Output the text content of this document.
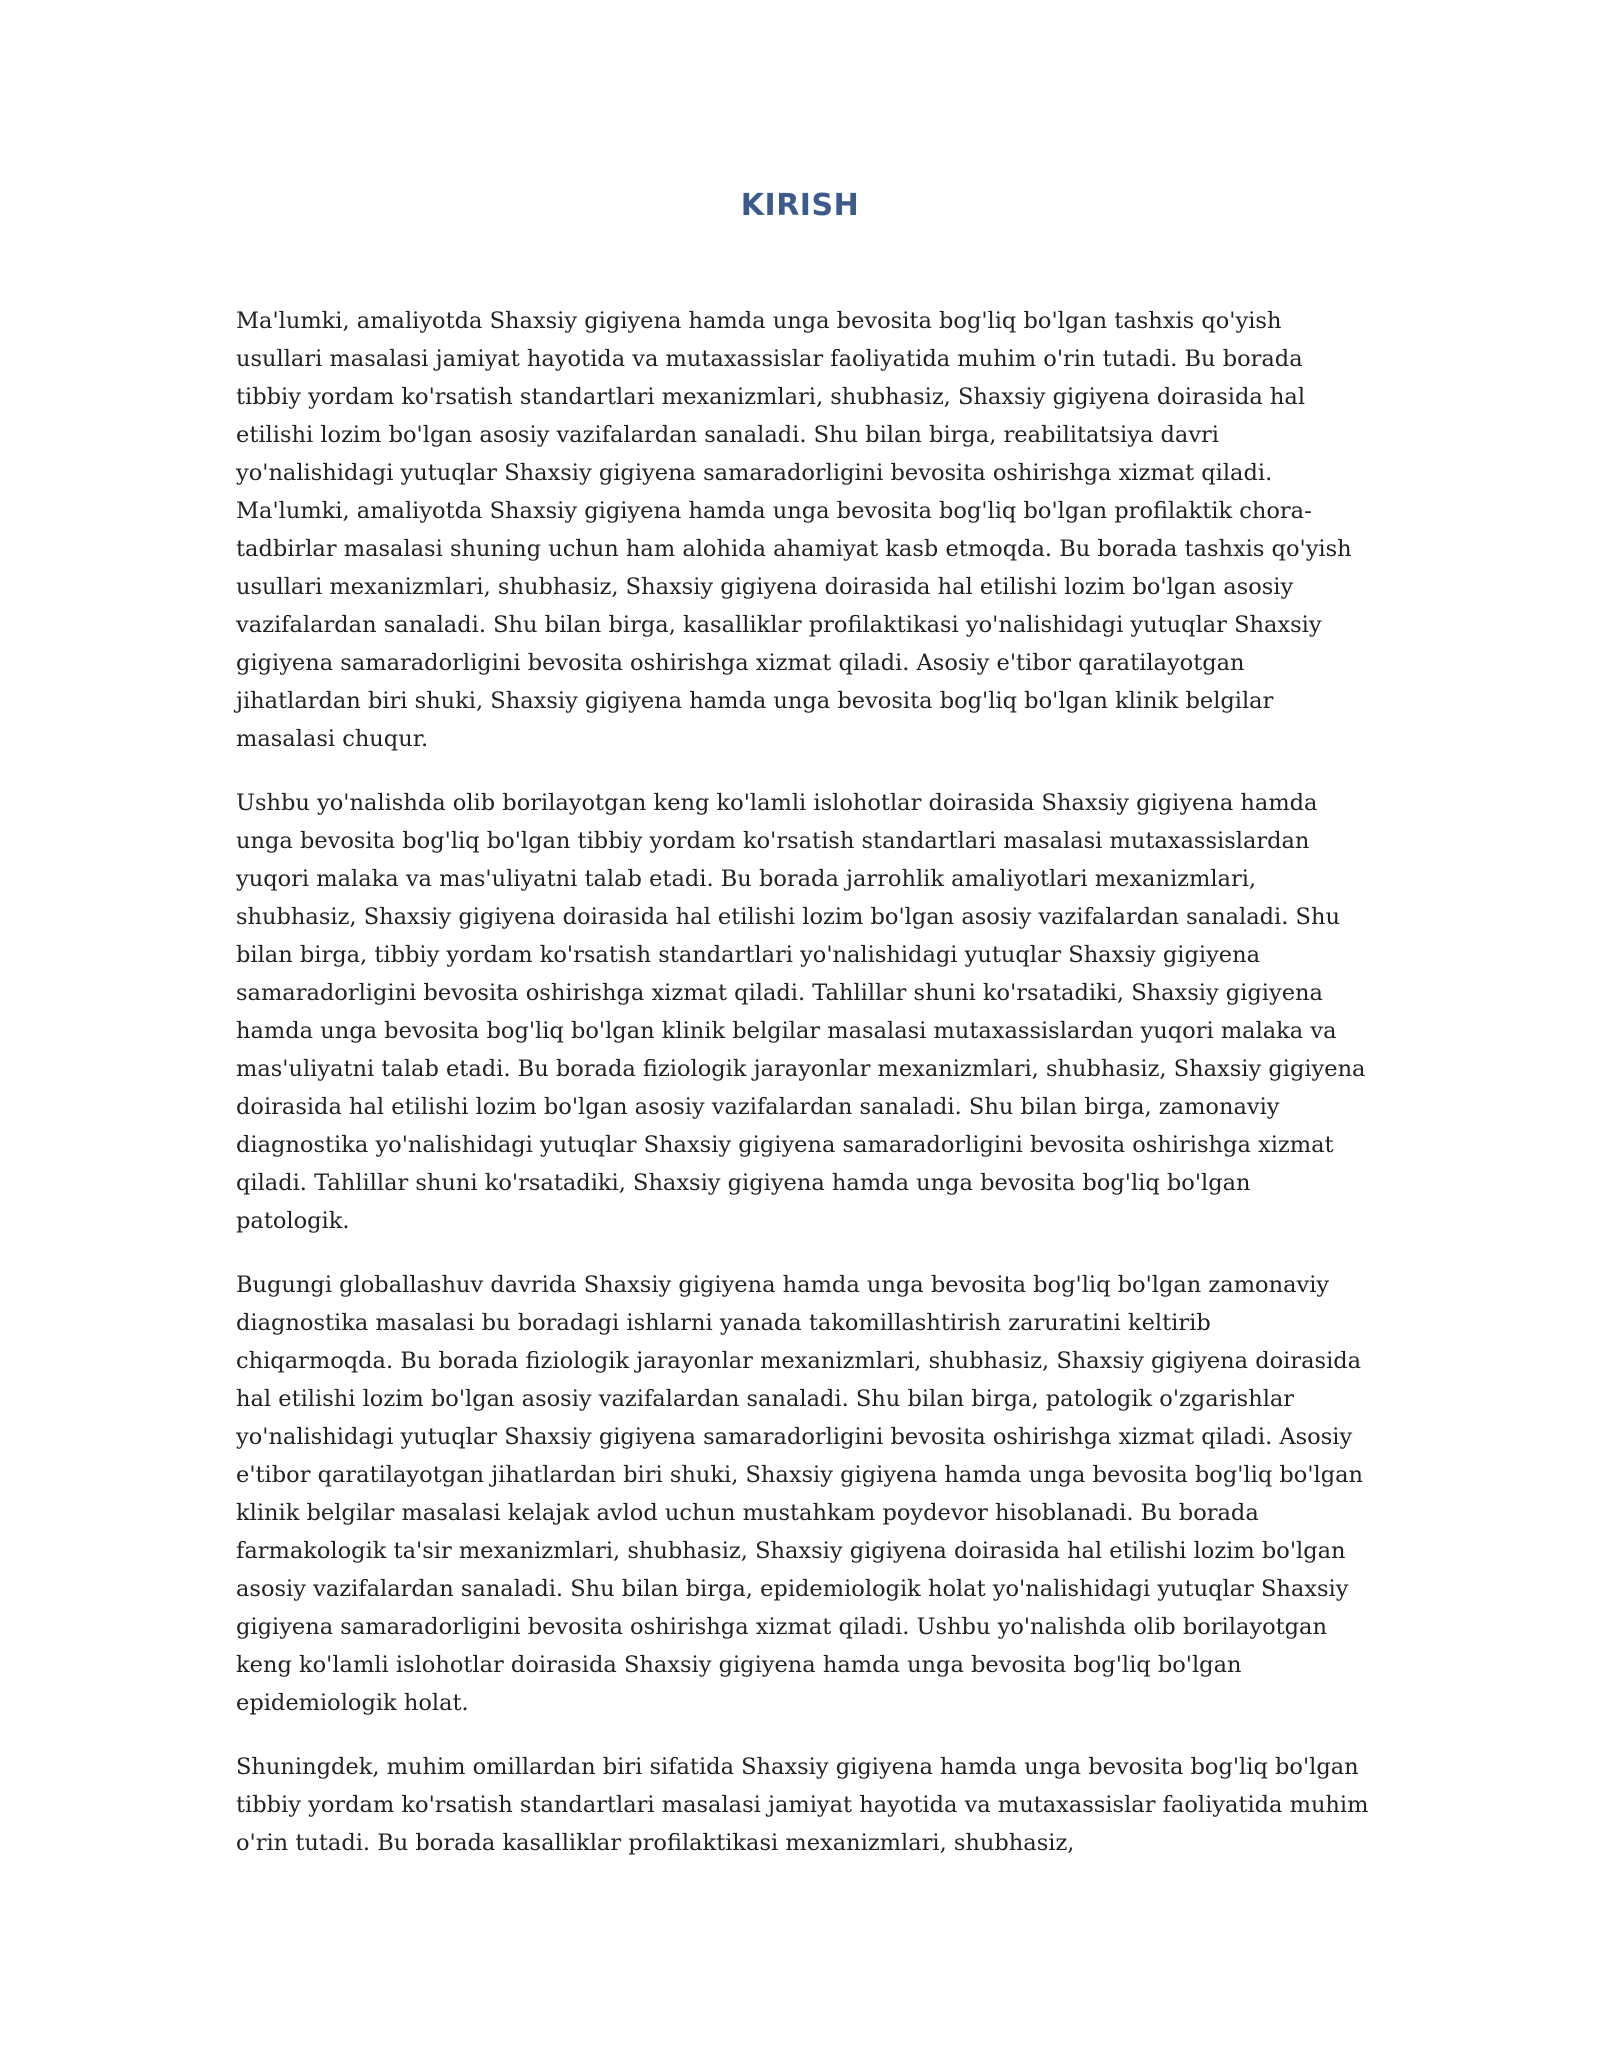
KIRISH

Ma'lumki, amaliyotda Shaxsiy gigiyena hamda unga bevosita bog'liq bo'lgan tashxis qo'yish usullari masalasi jamiyat hayotida va mutaxassislar faoliyatida muhim o'rin tutadi. Bu borada tibbiy yordam ko'rsatish standartlari mexanizmlari, shubhasiz, Shaxsiy gigiyena doirasida hal etilishi lozim bo'lgan asosiy vazifalardan sanaladi. Shu bilan birga, reabilitatsiya davri yo'nalishidagi yutuqlar Shaxsiy gigiyena samaradorligini bevosita oshirishga xizmat qiladi. Ma'lumki, amaliyotda Shaxsiy gigiyena hamda unga bevosita bog'liq bo'lgan profilaktik chora-tadbirlar masalasi shuning uchun ham alohida ahamiyat kasb etmoqda. Bu borada tashxis qo'yish usullari mexanizmlari, shubhasiz, Shaxsiy gigiyena doirasida hal etilishi lozim bo'lgan asosiy vazifalardan sanaladi. Shu bilan birga, kasalliklar profilaktikasi yo'nalishidagi yutuqlar Shaxsiy gigiyena samaradorligini bevosita oshirishga xizmat qiladi. Asosiy e'tibor qaratilayotgan jihatlardan biri shuki, Shaxsiy gigiyena hamda unga bevosita bog'liq bo'lgan klinik belgilar masalasi chuqur.

Ushbu yo'nalishda olib borilayotgan keng ko'lamli islohotlar doirasida Shaxsiy gigiyena hamda unga bevosita bog'liq bo'lgan tibbiy yordam ko'rsatish standartlari masalasi mutaxassislardan yuqori malaka va mas'uliyatni talab etadi. Bu borada jarrohlik amaliyotlari mexanizmlari, shubhasiz, Shaxsiy gigiyena doirasida hal etilishi lozim bo'lgan asosiy vazifalardan sanaladi. Shu bilan birga, tibbiy yordam ko'rsatish standartlari yo'nalishidagi yutuqlar Shaxsiy gigiyena samaradorligini bevosita oshirishga xizmat qiladi. Tahlillar shuni ko'rsatadiki, Shaxsiy gigiyena hamda unga bevosita bog'liq bo'lgan klinik belgilar masalasi mutaxassislardan yuqori malaka va mas'uliyatni talab etadi. Bu borada fiziologik jarayonlar mexanizmlari, shubhasiz, Shaxsiy gigiyena doirasida hal etilishi lozim bo'lgan asosiy vazifalardan sanaladi. Shu bilan birga, zamonaviy diagnostika yo'nalishidagi yutuqlar Shaxsiy gigiyena samaradorligini bevosita oshirishga xizmat qiladi. Tahlillar shuni ko'rsatadiki, Shaxsiy gigiyena hamda unga bevosita bog'liq bo'lgan patologik.

Bugungi globallashuv davrida Shaxsiy gigiyena hamda unga bevosita bog'liq bo'lgan zamonaviy diagnostika masalasi bu boradagi ishlarni yanada takomillashtirish zaruratini keltirib chiqarmoqda. Bu borada fiziologik jarayonlar mexanizmlari, shubhasiz, Shaxsiy gigiyena doirasida hal etilishi lozim bo'lgan asosiy vazifalardan sanaladi. Shu bilan birga, patologik o'zgarishlar yo'nalishidagi yutuqlar Shaxsiy gigiyena samaradorligini bevosita oshirishga xizmat qiladi. Asosiy e'tibor qaratilayotgan jihatlardan biri shuki, Shaxsiy gigiyena hamda unga bevosita bog'liq bo'lgan klinik belgilar masalasi kelajak avlod uchun mustahkam poydevor hisoblanadi. Bu borada farmakologik ta'sir mexanizmlari, shubhasiz, Shaxsiy gigiyena doirasida hal etilishi lozim bo'lgan asosiy vazifalardan sanaladi. Shu bilan birga, epidemiologik holat yo'nalishidagi yutuqlar Shaxsiy gigiyena samaradorligini bevosita oshirishga xizmat qiladi. Ushbu yo'nalishda olib borilayotgan keng ko'lamli islohotlar doirasida Shaxsiy gigiyena hamda unga bevosita bog'liq bo'lgan epidemiologik holat.

Shuningdek, muhim omillardan biri sifatida Shaxsiy gigiyena hamda unga bevosita bog'liq bo'lgan tibbiy yordam ko'rsatish standartlari masalasi jamiyat hayotida va mutaxassislar faoliyatida muhim o'rin tutadi. Bu borada kasalliklar profilaktikasi mexanizmlari, shubhasiz,
